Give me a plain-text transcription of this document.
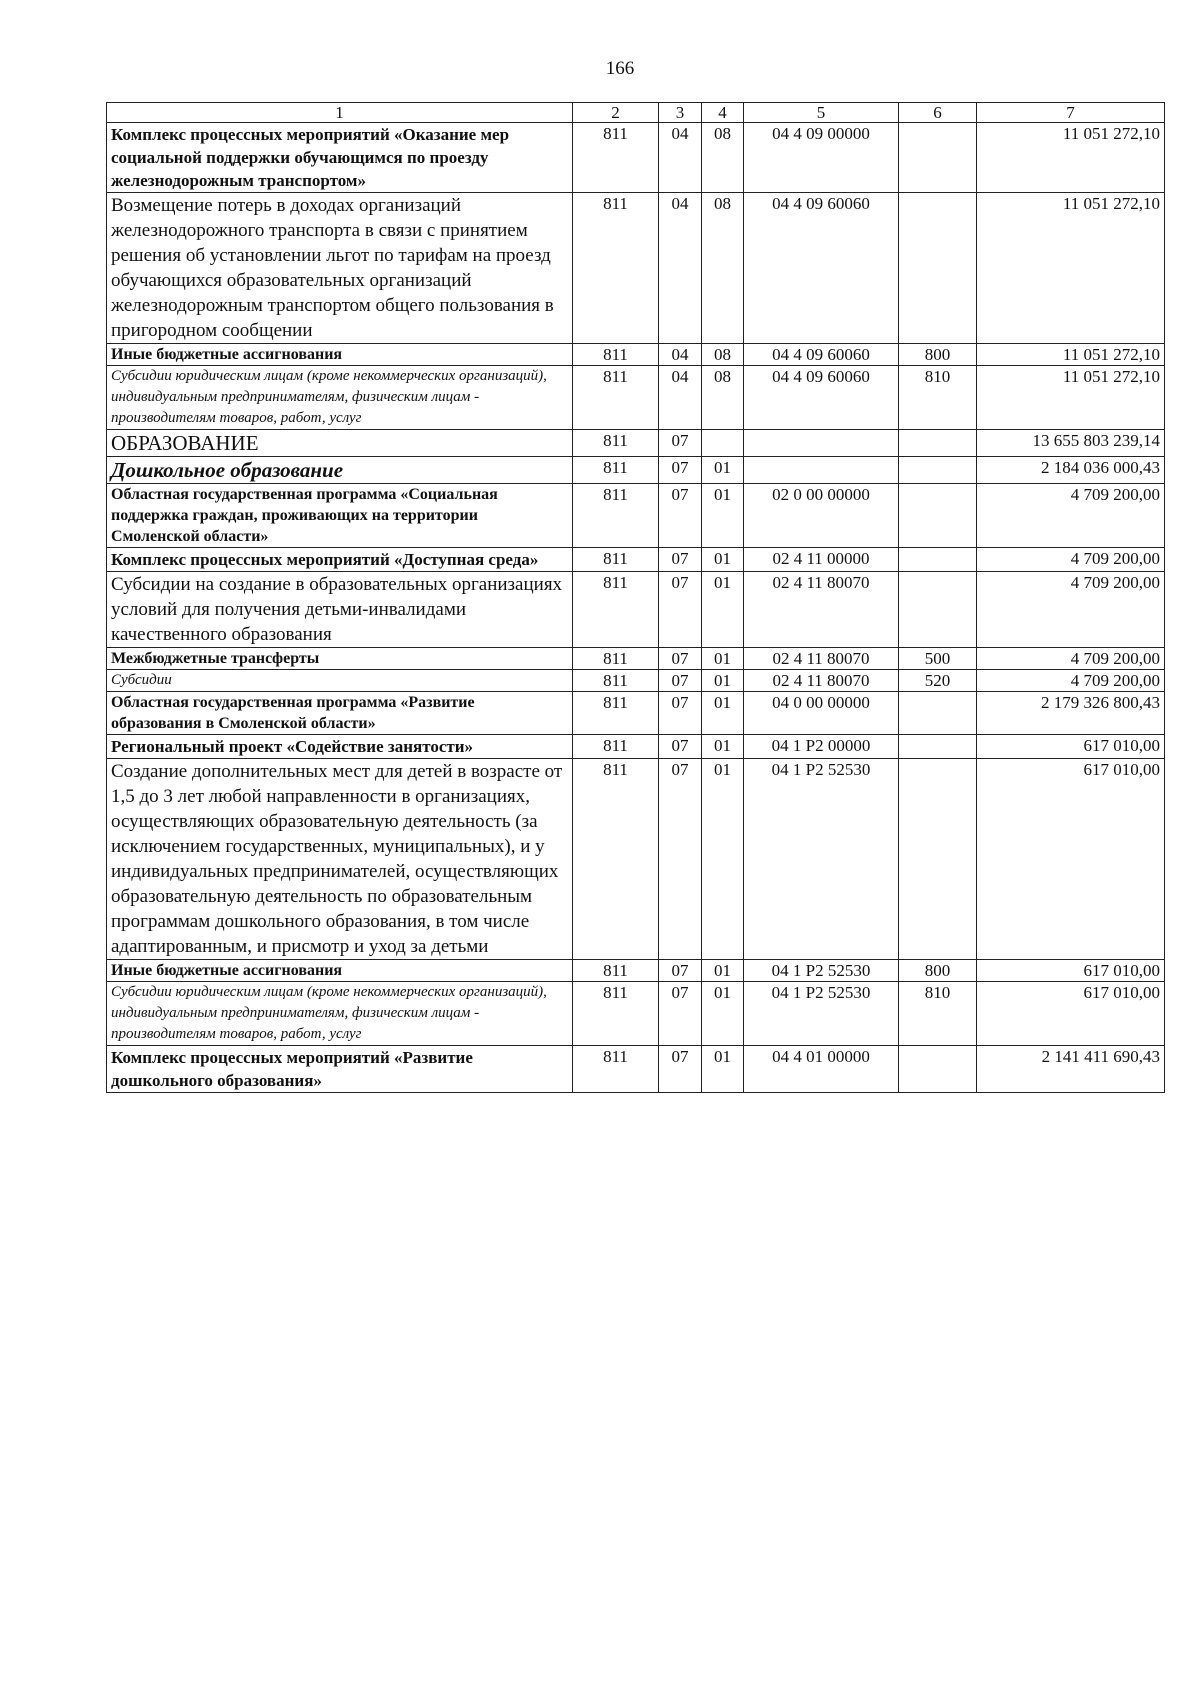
166
1	2	3	4	5	6	7
Комплекс процессных мероприятий «Оказание мер социальной поддержки обучающимся по проезду железнодорожным транспортом»	811	04	08	04 4 09 00000		11 051 272,10
Возмещение потерь в доходах организаций железнодорожного транспорта в связи с принятием решения об установлении льгот по тарифам на проезд обучающихся образовательных организаций железнодорожным транспортом общего пользования в пригородном сообщении	811	04	08	04 4 09 60060		11 051 272,10
Иные бюджетные ассигнования	811	04	08	04 4 09 60060	800	11 051 272,10
Субсидии юридическим лицам (кроме некоммерческих организаций), индивидуальным предпринимателям, физическим лицам - производителям товаров, работ, услуг	811	04	08	04 4 09 60060	810	11 051 272,10
ОБРАЗОВАНИЕ	811	07				13 655 803 239,14
Дошкольное образование	811	07	01			2 184 036 000,43
Областная государственная программа «Социальная поддержка граждан, проживающих на территории Смоленской области»	811	07	01	02 0 00 00000		4 709 200,00
Комплекс процессных мероприятий «Доступная среда»	811	07	01	02 4 11 00000		4 709 200,00
Субсидии на создание в образовательных организациях условий для получения детьми-инвалидами качественного образования	811	07	01	02 4 11 80070		4 709 200,00
Межбюджетные трансферты	811	07	01	02 4 11 80070	500	4 709 200,00
Субсидии	811	07	01	02 4 11 80070	520	4 709 200,00
Областная государственная программа «Развитие образования в Смоленской области»	811	07	01	04 0 00 00000		2 179 326 800,43
Региональный проект «Содействие занятости»	811	07	01	04 1 P2 00000		617 010,00
Создание дополнительных мест для детей в возрасте от 1,5 до 3 лет любой направленности в организациях, осуществляющих образовательную деятельность (за исключением государственных, муниципальных), и у индивидуальных предпринимателей, осуществляющих образовательную деятельность по образовательным программам дошкольного образования, в том числе адаптированным, и присмотр и уход за детьми	811	07	01	04 1 P2 52530		617 010,00
Иные бюджетные ассигнования	811	07	01	04 1 P2 52530	800	617 010,00
Субсидии юридическим лицам (кроме некоммерческих организаций), индивидуальным предпринимателям, физическим лицам - производителям товаров, работ, услуг	811	07	01	04 1 P2 52530	810	617 010,00
Комплекс процессных мероприятий «Развитие дошкольного образования»	811	07	01	04 4 01 00000		2 141 411 690,43
